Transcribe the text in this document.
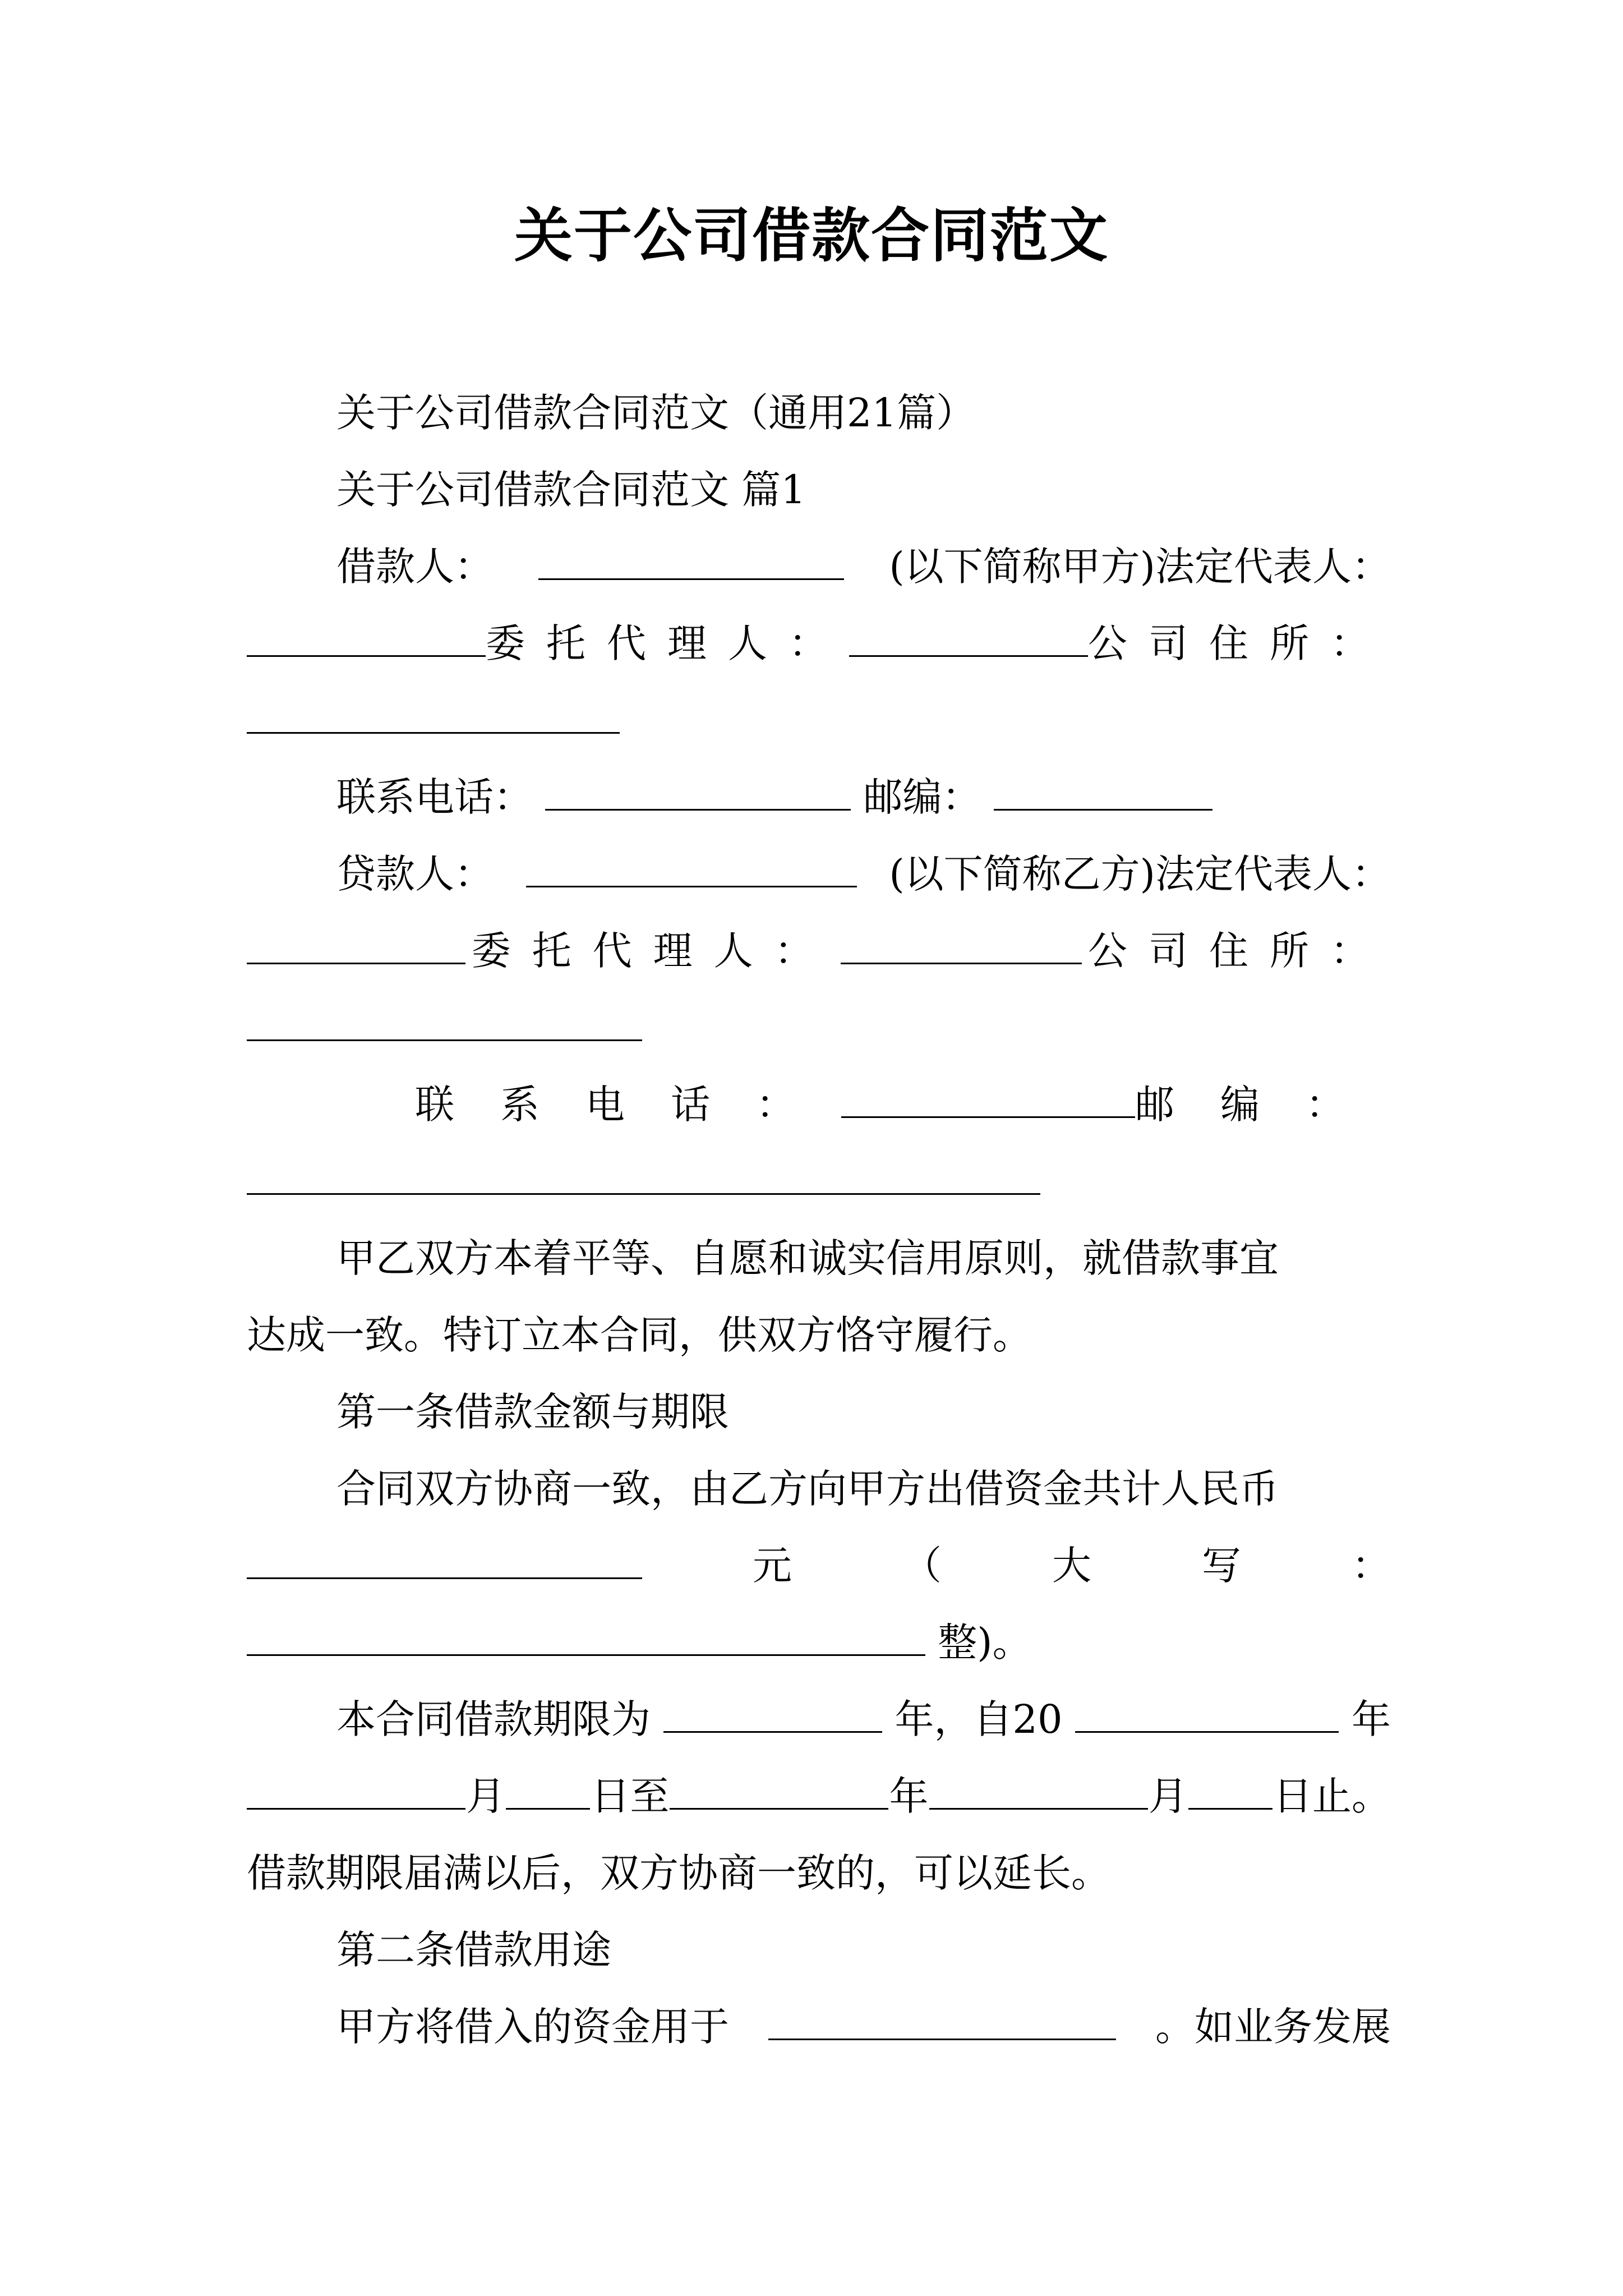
关于公司借款合同范文
关于公司借款合同范文（通用21篇）
关于公司借款合同范文 篇1
借款人：	(以下简称甲方)法定代表人：
委托代理人：	公司住所：
联系电话：	邮编：
贷款人：	(以下简称乙方)法定代表人：
委托代理人：	公司住所：
联系电话：	邮编：
甲乙双方本着平等、自愿和诚实信用原则，就借款事宜
达成一致。特订立本合同，供双方恪守履行。
第一条借款金额与期限
合同双方协商一致，由乙方向甲方出借资金共计人民币
元	（	大	写	：
整)。
本合同借款期限为	年，自20	年
月 日至	年	月 日止。
借款期限届满以后，双方协商一致的，可以延长。
第二条借款用途
甲方将借入的资金用于	。如业务发展
